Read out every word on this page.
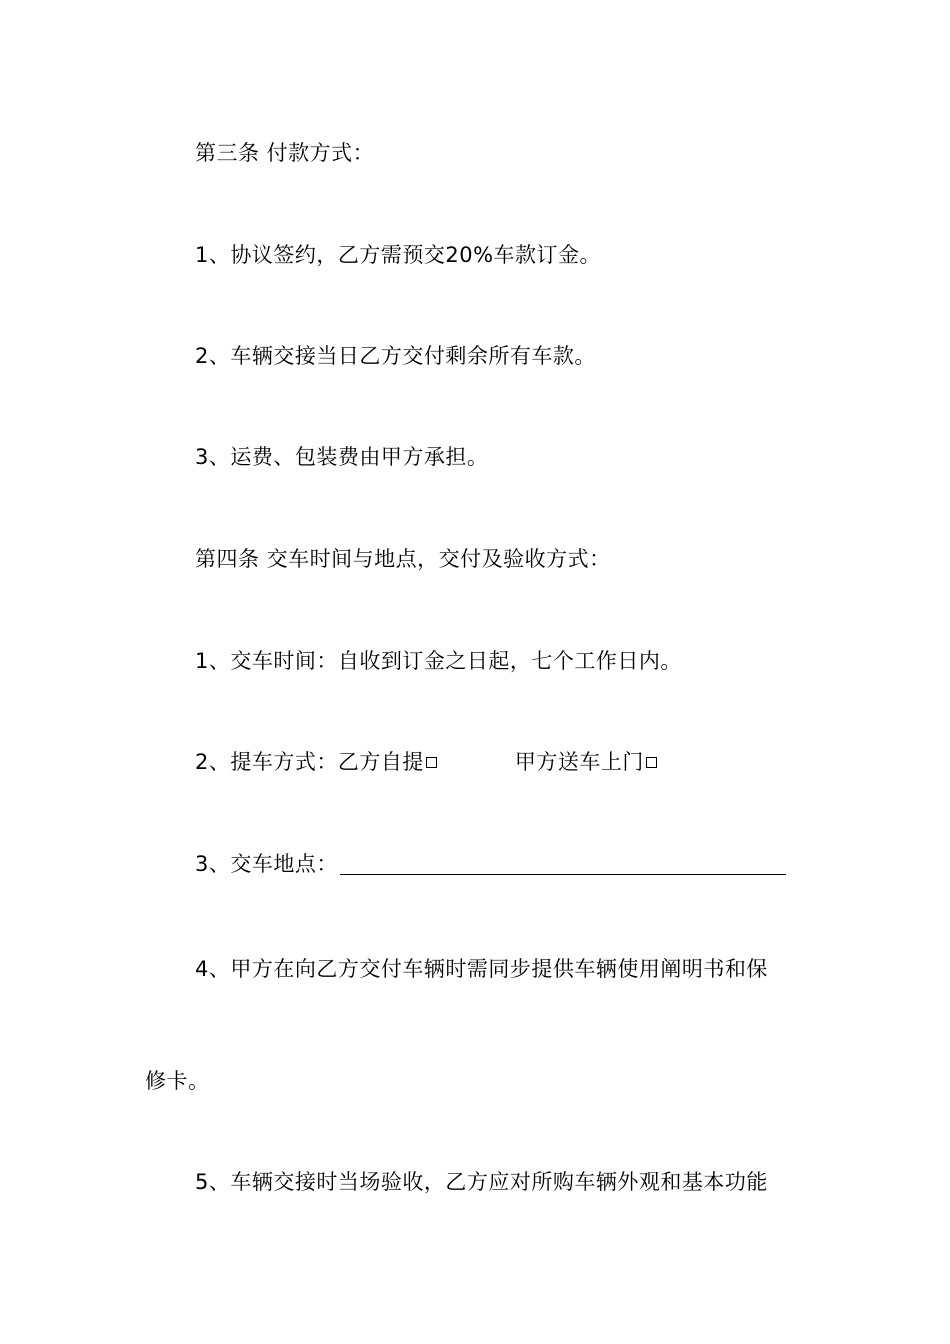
第三条 付款方式：
1、协议签约，乙方需预交20%车款订金。
2、车辆交接当日乙方交付剩余所有车款。
3、运费、包装费由甲方承担。
第四条 交车时间与地点，交付及验收方式：
1、交车时间：自收到订金之日起，七个工作日内。
2、提车方式：乙方自提	甲方送车上门
3、交车地点：
4、甲方在向乙方交付车辆时需同步提供车辆使用阐明书和保
修卡。
5、车辆交接时当场验收，乙方应对所购车辆外观和基本功能
